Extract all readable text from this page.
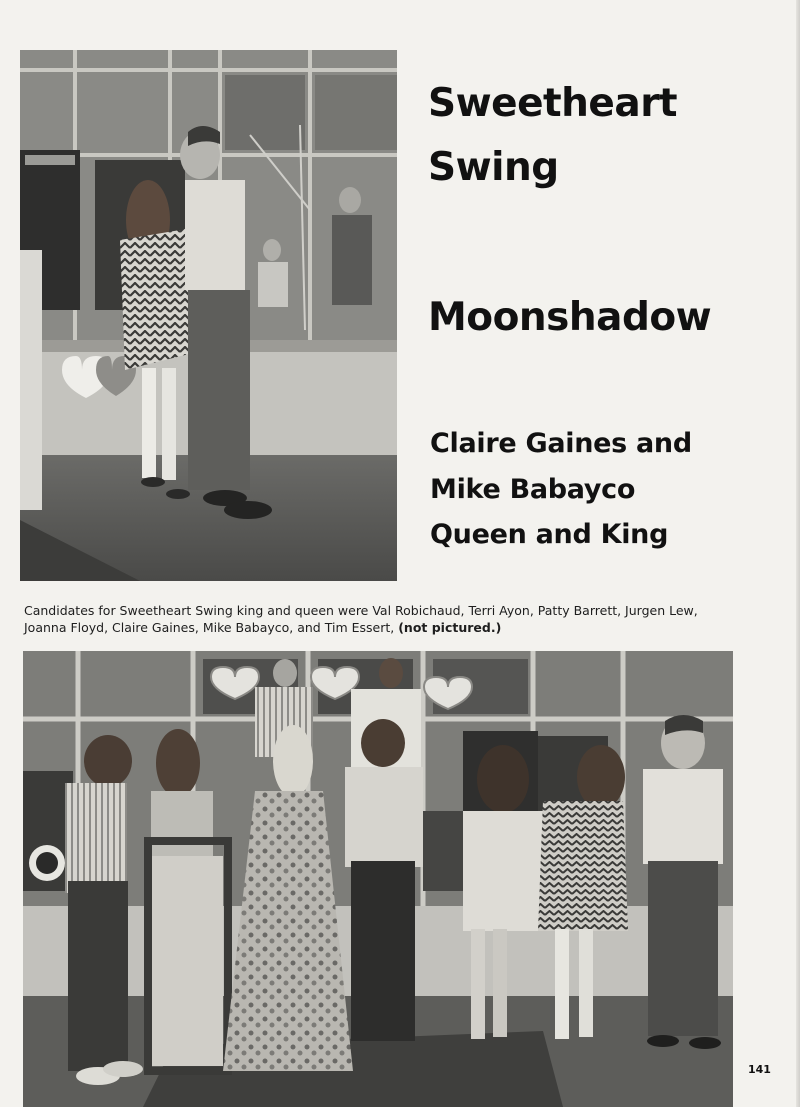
Sweetheart
Swing
Moonshadow
Claire Gaines and
Mike Babayco
Queen and King
Candidates for Sweetheart Swing king and queen were Val Robichaud, Terri Ayon, Patty Barrett, Jurgen Lew, Joanna Floyd, Claire Gaines, Mike Babayco, and Tim Essert, (not pictured.)
141
